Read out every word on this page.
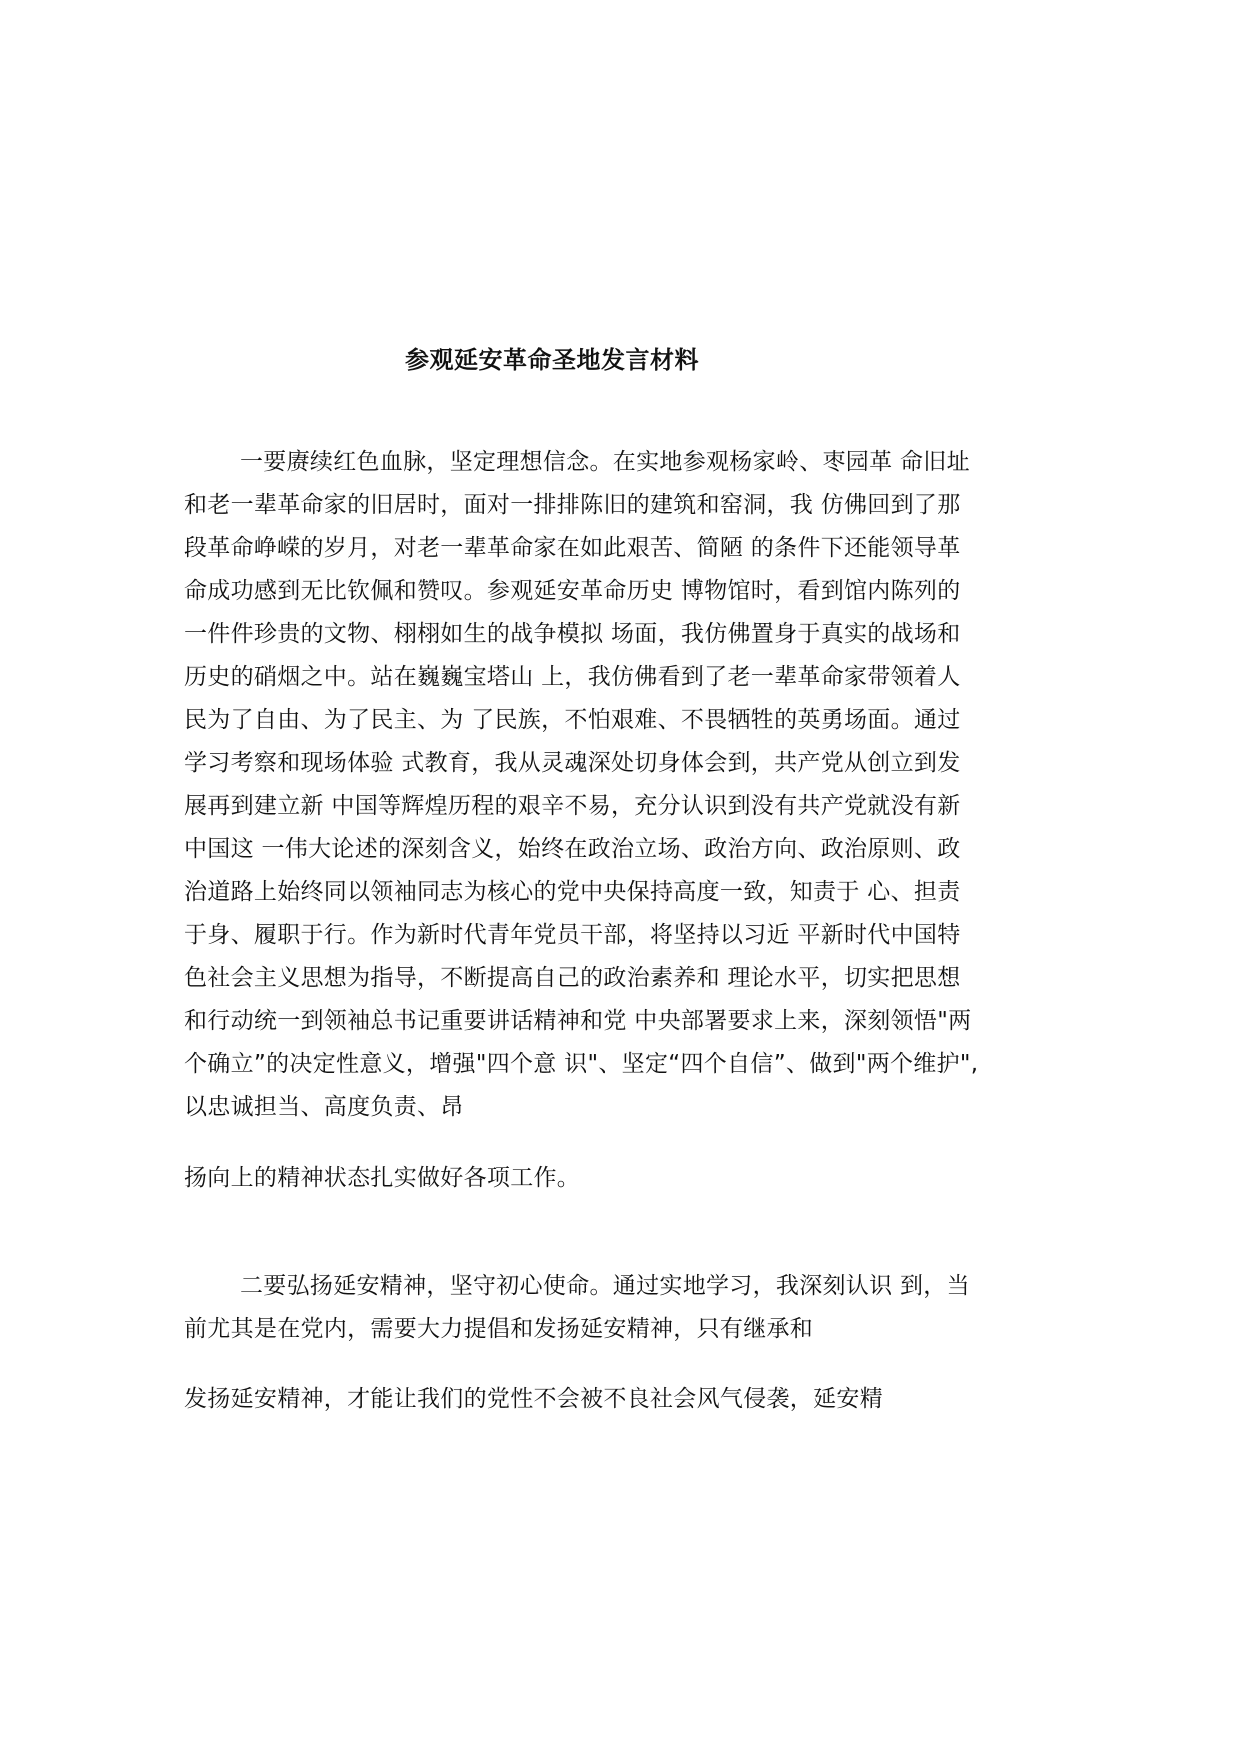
参观延安革命圣地发言材料
一要赓续红色血脉，坚定理想信念。在实地参观杨家岭、枣园革 命旧址
和老一辈革命家的旧居时，面对一排排陈旧的建筑和窑洞，我 仿佛回到了那
段革命峥嵘的岁月，对老一辈革命家在如此艰苦、简陋 的条件下还能领导革
命成功感到无比钦佩和赞叹。参观延安革命历史 博物馆时，看到馆内陈列的
一件件珍贵的文物、栩栩如生的战争模拟 场面，我仿佛置身于真实的战场和
历史的硝烟之中。站在巍巍宝塔山 上，我仿佛看到了老一辈革命家带领着人
民为了自由、为了民主、为 了民族，不怕艰难、不畏牺牲的英勇场面。通过
学习考察和现场体验 式教育，我从灵魂深处切身体会到，共产党从创立到发
展再到建立新 中国等辉煌历程的艰辛不易，充分认识到没有共产党就没有新
中国这 一伟大论述的深刻含义，始终在政治立场、政治方向、政治原则、政
治道路上始终同以领袖同志为核心的党中央保持高度一致，知责于 心、担责
于身、履职于行。作为新时代青年党员干部，将坚持以习近 平新时代中国特
色社会主义思想为指导，不断提高自己的政治素养和 理论水平，切实把思想
和行动统一到领袖总书记重要讲话精神和党 中央部署要求上来，深刻领悟"两
个确立”的决定性意义，增强"四个意 识"、坚定“四个自信”、做到"两个维护",
以忠诚担当、高度负责、昂
扬向上的精神状态扎实做好各项工作。
二要弘扬延安精神，坚守初心使命。通过实地学习，我深刻认识 到，当
前尤其是在党内，需要大力提倡和发扬延安精神，只有继承和
发扬延安精神，才能让我们的党性不会被不良社会风气侵袭，延安精
